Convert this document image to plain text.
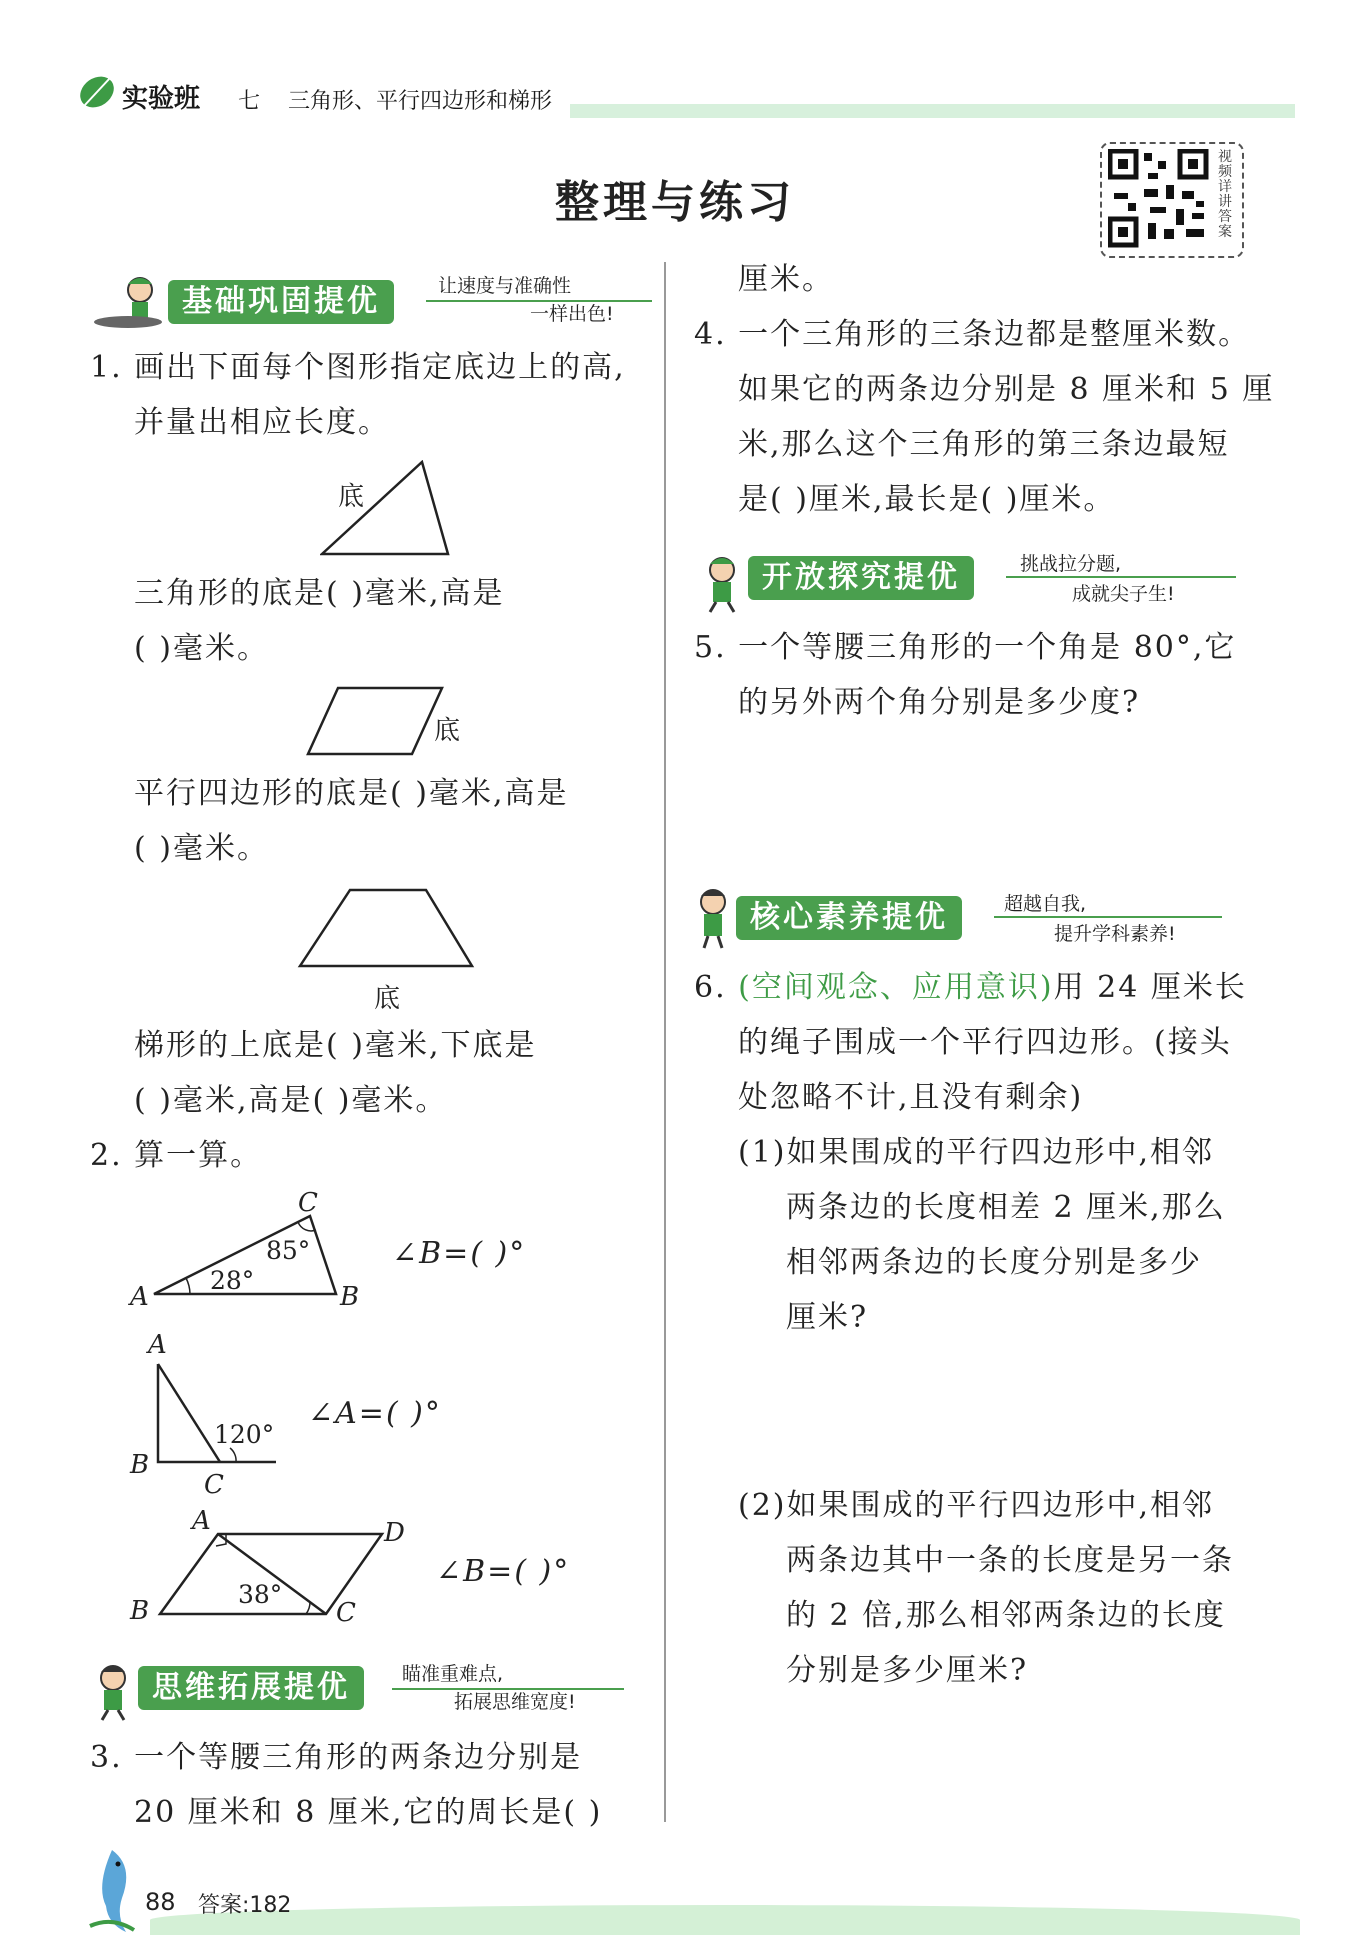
实验班 七 三角形、平行四边形和梯形
整理与练习
视频详讲答案
基础巩固提优	让速度与准确性
一样出色!
1. 画出下面每个图形指定底边上的高,
并量出相应长度。
底
三角形的底是( )毫米,高是
( )毫米。
底
平行四边形的底是( )毫米,高是
( )毫米。
底
梯形的上底是( )毫米,下底是
( )毫米,高是( )毫米。
2. 算一算。
C
A	B
28°
85°	∠B=( )°
A
B
C
120°
∠A=( )°
A	D
B	C
38°
∠B=( )°
思维拓展提优	瞄准重难点,
拓展思维宽度!
3. 一个等腰三角形的两条边分别是
20 厘米和 8 厘米,它的周长是( )
厘米。
4. 一个三角形的三条边都是整厘米数。
如果它的两条边分别是 8 厘米和 5 厘
米,那么这个三角形的第三条边最短
是( )厘米,最长是( )厘米。
开放探究提优	挑战拉分题,
成就尖子生!
5. 一个等腰三角形的一个角是 80°,它
的另外两个角分别是多少度?
核心素养提优	超越自我,
提升学科素养!
6. (空间观念、应用意识)用 24 厘米长
的绳子围成一个平行四边形。(接头
处忽略不计,且没有剩余)
(1)如果围成的平行四边形中,相邻
两条边的长度相差 2 厘米,那么
相邻两条边的长度分别是多少
厘米?
(2)如果围成的平行四边形中,相邻
两条边其中一条的长度是另一条
的 2 倍,那么相邻两条边的长度
分别是多少厘米?
88 答案:182
